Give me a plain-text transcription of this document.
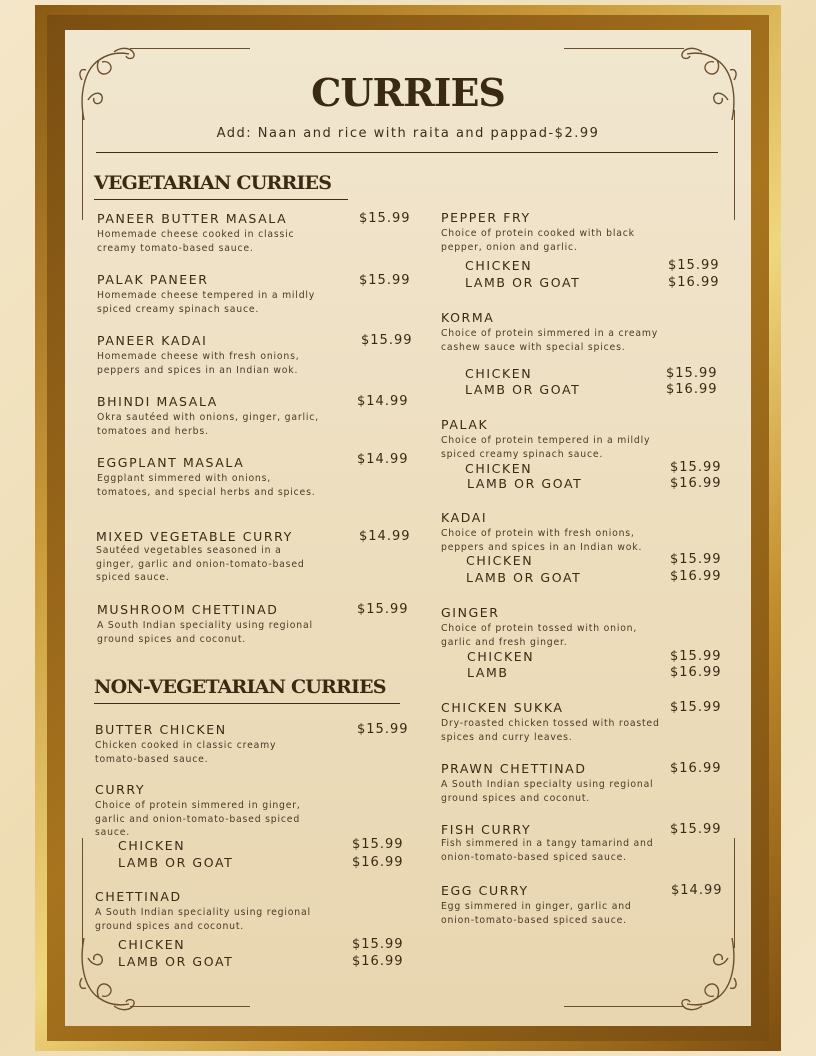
CURRIES
Add: Naan and rice with raita and pappad-$2.99
VEGETARIAN CURRIES
PANEER BUTTER MASALA
Homemade cheese cooked in classic creamy tomato-based sauce.
$15.99
PALAK PANEER
Homemade cheese tempered in a mildly spiced creamy spinach sauce.
$15.99
PANEER KADAI
Homemade cheese with fresh onions, peppers and spices in an Indian wok.
$15.99
BHINDI MASALA
Okra sautéed with onions, ginger, garlic, tomatoes and herbs.
$14.99
EGGPLANT MASALA
Eggplant simmered with onions, tomatoes, and special herbs and spices.
$14.99
MIXED VEGETABLE CURRY
Sautéed vegetables seasoned in a ginger, garlic and onion-tomato-based spiced sauce.
$14.99
MUSHROOM CHETTINAD
A South Indian speciality using regional ground spices and coconut.
$15.99
NON-VEGETARIAN CURRIES
BUTTER CHICKEN
Chicken cooked in classic creamy tomato-based sauce.
$15.99
CURRY
Choice of protein simmered in ginger, garlic and onion-tomato-based spiced sauce.
CHICKEN	$15.99
LAMB OR GOAT	$16.99
CHETTINAD
A South Indian speciality using regional ground spices and coconut.
CHICKEN	$15.99
LAMB OR GOAT	$16.99
PEPPER FRY
Choice of protein cooked with black pepper, onion and garlic.
CHICKEN	$15.99
LAMB OR GOAT	$16.99
KORMA
Choice of protein simmered in a creamy cashew sauce with special spices.
CHICKEN	$15.99
LAMB OR GOAT	$16.99
PALAK
Choice of protein tempered in a mildly spiced creamy spinach sauce.
CHICKEN	$15.99
LAMB OR GOAT	$16.99
KADAI
Choice of protein with fresh onions, peppers and spices in an Indian wok.
CHICKEN	$15.99
LAMB OR GOAT	$16.99
GINGER
Choice of protein tossed with onion, garlic and fresh ginger.
CHICKEN	$15.99
LAMB	$16.99
CHICKEN SUKKA
Dry-roasted chicken tossed with roasted spices and curry leaves.
$15.99
PRAWN CHETTINAD
A South Indian specialty using regional ground spices and coconut.
$16.99
FISH CURRY
Fish simmered in a tangy tamarind and onion-tomato-based spiced sauce.
$15.99
EGG CURRY
Egg simmered in ginger, garlic and onion-tomato-based spiced sauce.
$14.99
